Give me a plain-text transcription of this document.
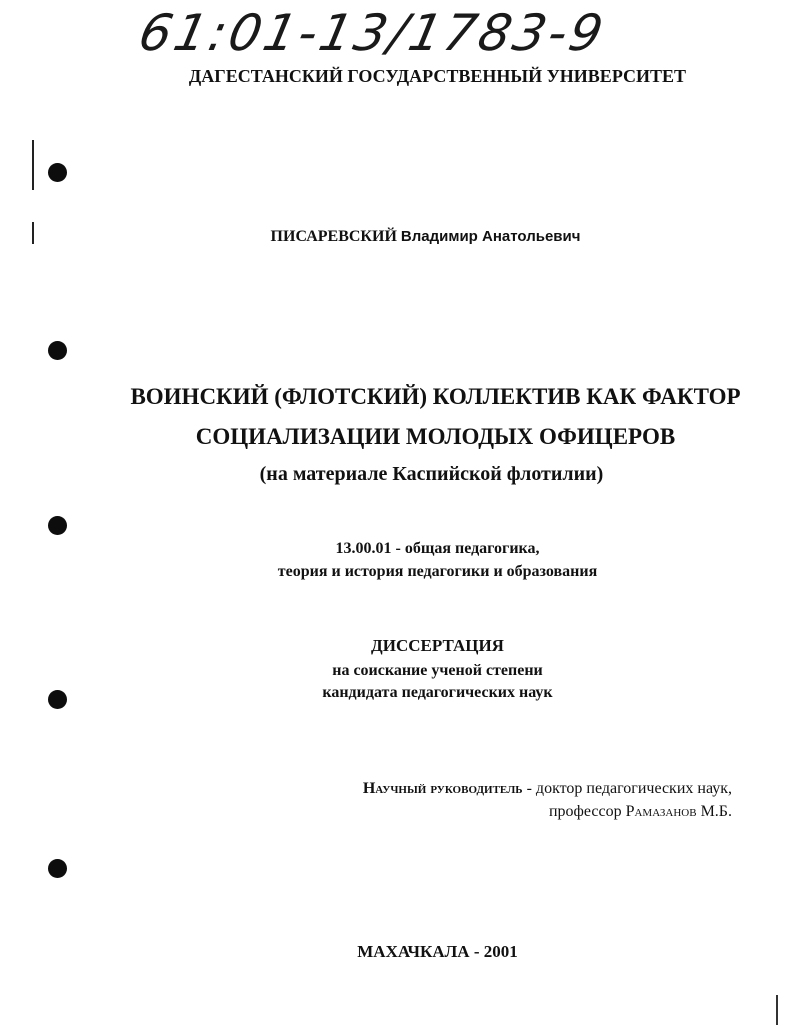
61:01-13/1783-9
ДАГЕСТАНСКИЙ ГОСУДАРСТВЕННЫЙ УНИВЕРСИТЕТ
ПИСАРЕВСКИЙ Владимир Анатольевич
ВОИНСКИЙ (ФЛОТСКИЙ) КОЛЛЕКТИВ КАК ФАКТОР
СОЦИАЛИЗАЦИИ МОЛОДЫХ ОФИЦЕРОВ
(на материале Каспийской флотилии)
13.00.01 - общая педагогика,
теория и история педагогики и образования
ДИССЕРТАЦИЯ
на соискание ученой степени
кандидата педагогических наук
Научный руководитель - доктор педагогических наук,
профессор Рамазанов М.Б.
МАХАЧКАЛА - 2001
